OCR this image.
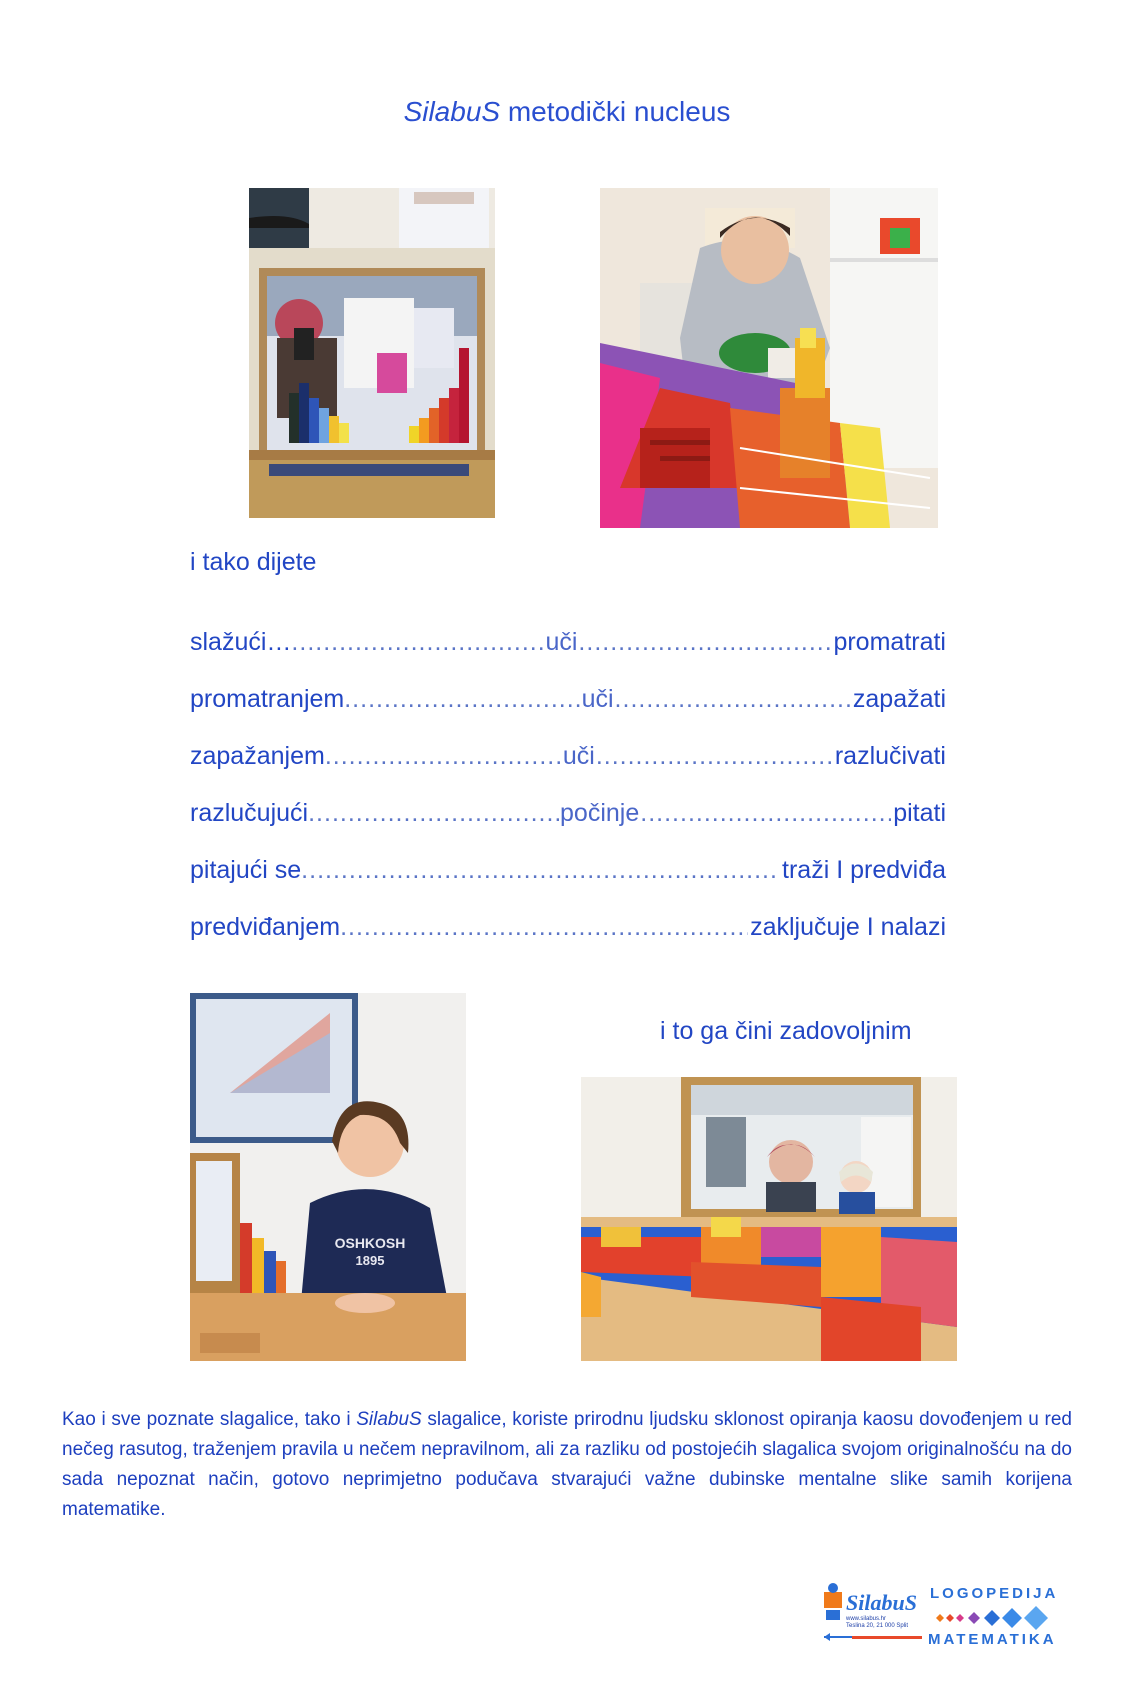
SilabuS metodički nucleus
i tako dijete
slažući… .....	uči .....	promatrati
promatranjem .....	uči .....	zapažati
zapažanjem .....	uči .....	razlučivati
razlučujući .....	počinje .....	pitati
pitajući se .....	traži I predviđa
predviđanjem .....	zaključuje I nalazi
OSHKOSH
1895
i to ga čini zadovoljnim

Kao i sve poznate slagalice, tako i SilabuS slagalice, koriste prirodnu ljudsku sklonost opiranja kaosu dovođenjem u red nečeg rasutog, traženjem pravila u nečem nepravilnom, ali za razliku od postojećih slagalica svojom originalnošću na do sada nepoznat način, gotovo neprimjetno podučava stvarajući važne dubinske mentalne slike samih korijena matematike.

SilabuS
www.silabus.hr
Teslina 20, 21 000 Split
LOGOPEDIJA
MATEMATIKA
